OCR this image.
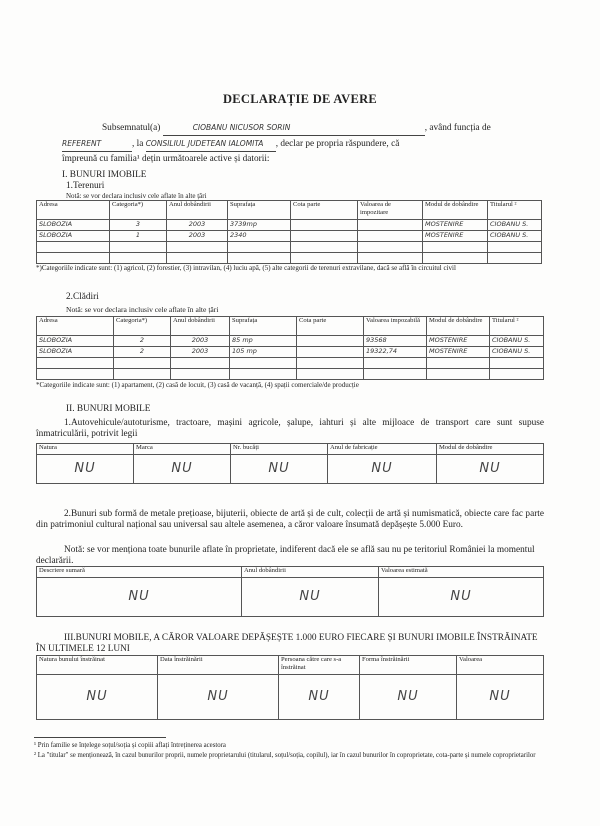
DECLARAȚIE DE AVERE
Subsemnatul(a)	CIOBANU NICUSOR SORIN	, având funcția de
REFERENT	, la CONSILIUL JUDETEAN IALOMITA , declar pe propria răspundere, că
împreună cu familia¹ dețin următoarele active și datorii:
I. BUNURI IMOBILE
1.Terenuri
Notă: se vor declara inclusiv cele aflate în alte țări
Adresa	Categoria*)	Anul dobândirii	Suprafața	Cota parte	Valoarea de impozitare	Modul de dobândire	Titularul ²
SLOBOZIA	3	2003	3739mp			MOSTENIRE	CIOBANU S.
SLOBOZIA	1	2003	2340			MOSTENIRE	CIOBANU S.

*)Categoriile indicate sunt: (1) agricol, (2) forestier, (3) intravilan, (4) luciu apă, (5) alte categorii de terenuri extravilane, dacă se află în circuitul civil
2.Clădiri
Notă: se vor declara inclusiv cele aflate în alte țări
Adresa	Categoria*)	Anul dobândirii	Suprafața	Cota parte	Valoarea impozabilă	Modul de dobândire	Titularul ²
SLOBOZIA	2	2003	85 mp		93568	MOSTENIRE	CIOBANU S.
SLOBOZIA	2	2003	105 mp		19322,74	MOSTENIRE	CIOBANU S.

*Categoriile indicate sunt: (1) apartament, (2) casă de locuit, (3) casă de vacanță, (4) spații comerciale/de producție
II. BUNURI MOBILE
1.Autovehicule/autoturisme, tractoare, mașini agricole, șalupe, iahturi și alte mijloace de transport care sunt supuse înmatriculării, potrivit legii
Natura	Marca	Nr. bucăți	Anul de fabricație	Modul de dobândire
NU	NU	NU	NU	NU
2.Bunuri sub formă de metale prețioase, bijuterii, obiecte de artă și de cult, colecții de artă și numismatică, obiecte care fac parte din patrimoniul cultural național sau universal sau altele asemenea, a căror valoare însumată depășește 5.000 Euro.
Notă: se vor menționa toate bunurile aflate în proprietate, indiferent dacă ele se află sau nu pe teritoriul României la momentul declarării.
Descriere sumară	Anul dobândirii	Valoarea estimată
NU	NU	NU
III.BUNURI MOBILE, A CĂROR VALOARE DEPĂȘEȘTE 1.000 EURO FIECARE ȘI BUNURI IMOBILE ÎNSTRĂINATE ÎN ULTIMELE 12 LUNI
Natura bunului înstrăinat	Data înstrăinării	Persoana către care s-a înstrăinat	Forma înstrăinării	Valoarea
NU	NU	NU	NU	NU
¹ Prin familie se înțelege soțul/soția și copiii aflați întreținerea acestora
² La "titular" se menționează, în cazul bunurilor proprii, numele proprietarului (titularul, soțul/soția, copilul), iar în cazul bunurilor în coproprietate, cota-parte și numele coproprietarilor
